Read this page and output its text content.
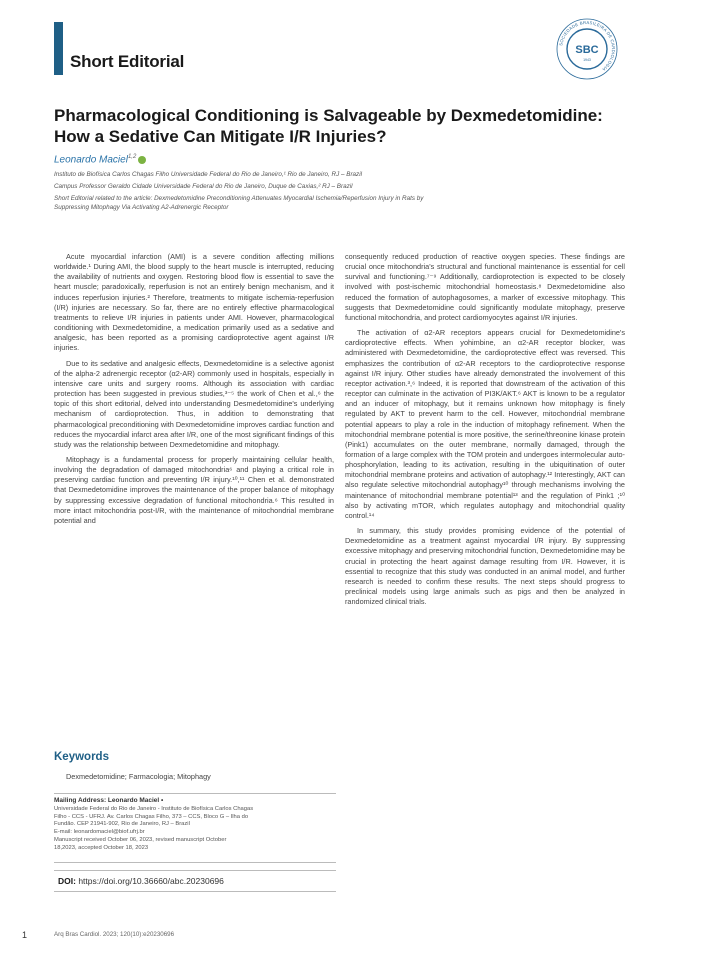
Short Editorial
SOCIEDADE BRASILEIRA DE CARDIOLOGIA
SBC
1943
Pharmacological Conditioning is Salvageable by Dexmedetomidine:
How a Sedative Can Mitigate I/R Injuries?
Leonardo Maciel$^{1,2}$
Instituto de Biofísica Carlos Chagas Filho Universidade Federal do Rio de Janeiro,¹ Rio de Janeiro, RJ – Brazil
Campus Professor Geraldo Cidade Universidade Federal do Rio de Janeiro, Duque de Caxias,² RJ – Brazil
Short Editorial related to the article: Dexmedetomidine Preconditioning Attenuates Myocardial Ischemia/Reperfusion Injury in Rats by
Suppressing Mitophagy Via Activating A2-Adrenergic Receptor

Acute myocardial infarction (AMI) is a severe condition affecting millions worldwide.¹ During AMI, the blood supply to the heart muscle is interrupted, reducing the availability of nutrients and oxygen. Restoring blood flow is essential to save the heart muscle; paradoxically, reperfusion is not an entirely benign mechanism, and it induces reperfusion injuries.² Therefore, treatments to mitigate ischemia-reperfusion (I/R) injuries are necessary. So far, there are no entirely effective pharmacological treatments to relieve I/R injuries in patients under AMI. However, pharmacological conditioning with Dexmedetomidine, a medication primarily used as a sedative and analgesic, has been reported as a promising cardioprotective agent against I/R injuries.

Due to its sedative and analgesic effects, Dexmedetomidine is a selective agonist of the alpha-2 adrenergic receptor (α2-AR) commonly used in hospitals, especially in intensive care units and surgery rooms. Although its association with cardiac protection has been suggested in previous studies,³⁻⁵ the work of Chen et al.,⁶ the topic of this short editorial, delved into understanding Desmedetomidine's underlying mechanism of cardioprotection. Thus, in addition to demonstrating that pharmacological preconditioning with Dexmedetomidine improves cardiac function and reduces the myocardial infarct area after I/R, one of the most significant findings of this study was the relationship between Dexmedetomidine and mitophagy.

Mitophagy is a fundamental process for properly maintaining cellular health, involving the degradation of damaged mitochondria⁶ and playing a critical role in preserving cardiac function and preventing I/R injury.¹⁰,¹¹ Chen et al. demonstrated that Dexmedetomidine improves the maintenance of the proper balance of mitophagy by suppressing excessive degradation of functional mitochondria.⁶ This resulted in more intact mitochondria post-I/R, with the maintenance of mitochondrial membrane potential and

consequently reduced production of reactive oxygen species. These findings are crucial once mitochondria's structural and functional maintenance is essential for cell survival and functioning.⁷⁻⁹ Additionally, cardioprotection is expected to be closely involved with post-ischemic mitochondrial homeostasis.⁸ Dexmedetomidine also reduced the formation of autophagosomes, a marker of excessive mitophagy. This suggests that Dexmedetomidine could significantly modulate mitophagy, preserve functional mitochondria, and protect cardiomyocytes against I/R injuries.

The activation of α2-AR receptors appears crucial for Dexmedetomidine's cardioprotective effects. When yohimbine, an α2-AR receptor blocker, was administered with Dexmedetomidine, the cardioprotective effect was reversed. This emphasizes the contribution of α2-AR receptors to the cardioprotective response against I/R injury. Other studies have already demonstrated the involvement of this receptor activation.³,⁶ Indeed, it is reported that downstream of the activation of this receptor can culminate in the activation of PI3K/AKT.⁶ AKT is known to be a regulator and an inducer of mitophagy, but it remains unknown how mitophagy is finely regulated by AKT to prevent harm to the cell. However, mitochondrial membrane potential appears to play a role in the induction of mitophagy refinement. When the mitochondrial membrane potential is more positive, the serine/threonine kinase protein (Pink1) accumulates on the outer membrane, normally damaged, through the formation of a large complex with the TOM protein and undergoes intermolecular auto-phosphorylation, leading to its activation, resulting in the ubiquitination of outer mitochondrial membrane proteins and activation of autophagy.¹² Interestingly, AKT can also regulate selective mitochondrial autophagy¹⁰ through mechanisms involving the maintenance of mitochondrial membrane potential¹³ and the regulation of Pink1 ;¹⁰ also by activating mTOR, which regulates autophagy and mitochondrial quality control.¹⁴

In summary, this study provides promising evidence of the potential of Dexmedetomidine as a treatment against myocardial I/R injury. By suppressing excessive mitophagy and preserving mitochondrial function, Dexmedetomidine may be crucial in protecting the heart against damage resulting from I/R. However, it is essential to recognize that this study was conducted in an animal model, and further research is needed to confirm these results. The next steps should progress to preclinical models using large animals such as pigs and then be analyzed in randomized clinical trials.

Keywords
Dexmedetomidine; Farmacologia; Mitophagy
Mailing Address: Leonardo Maciel •
Universidade Federal do Rio de Janeiro - Instituto de Biofísica Carlos Chagas
Filho - CCS - UFRJ. Av. Carlos Chagas Filho, 373 – CCS, Bloco G – Ilha do
Fundão. CEP 21941-902, Rio de Janeiro, RJ – Brazil
E-mail: leonardomaciel@biof.ufrj.br
Manuscript received October 06, 2023, revised manuscript October
18,2023, accepted October 18, 2023
DOI: https://doi.org/10.36660/abc.20230696
1	Arq Bras Cardiol. 2023; 120(10):e20230696
